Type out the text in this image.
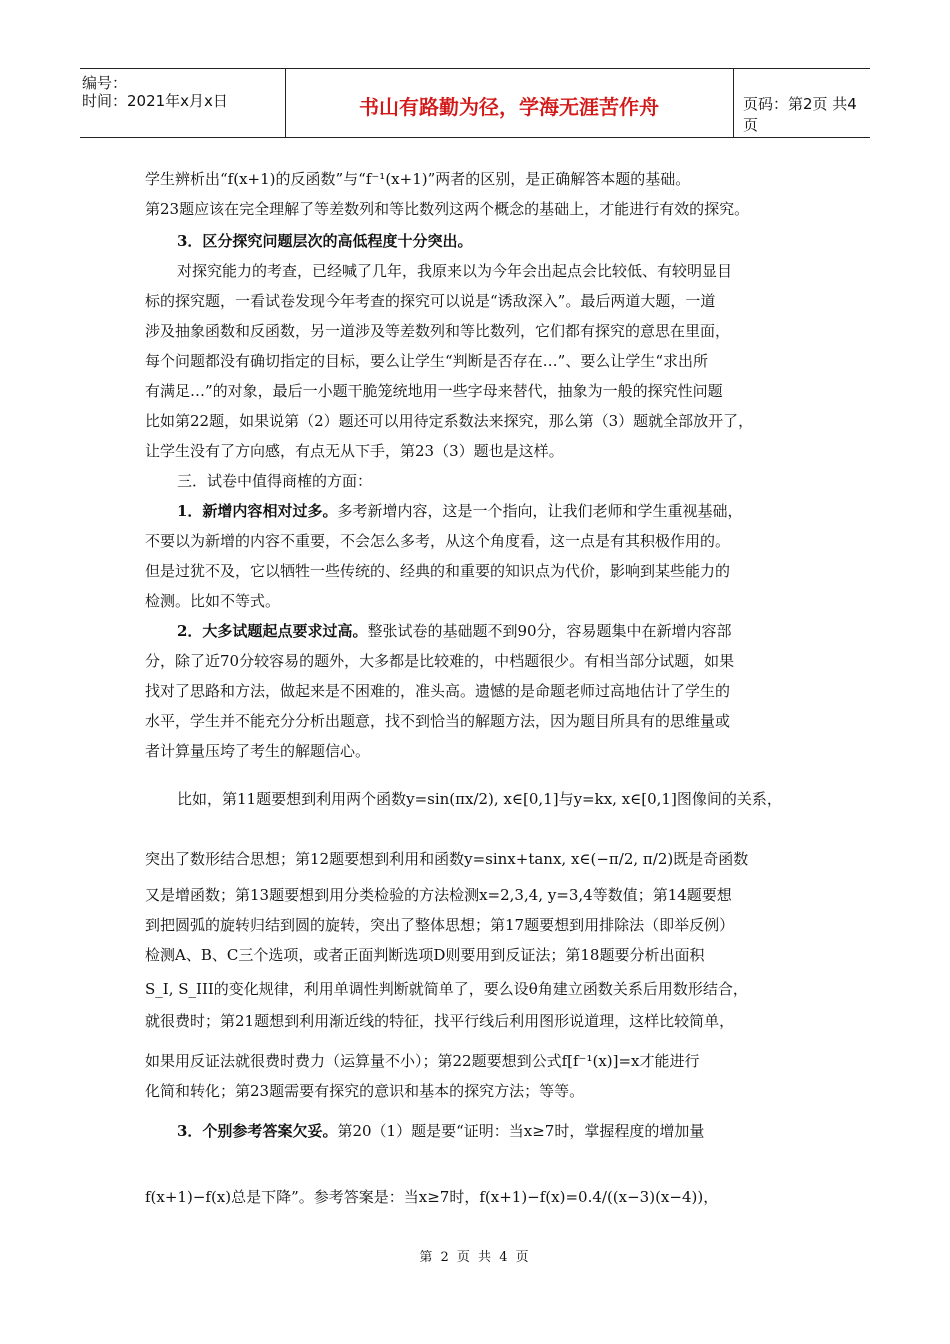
编号：
时间：2021年x月x日	书山有路勤为径，学海无涯苦作舟	页码：第2页 共4页
学生辨析出“f(x+1)的反函数”与“f⁻¹(x+1)”两者的区别，是正确解答本题的基础。
第23题应该在完全理解了等差数列和等比数列这两个概念的基础上，才能进行有效的探究。
3．区分探究问题层次的高低程度十分突出。
对探究能力的考查，已经喊了几年，我原来以为今年会出起点会比较低、有较明显目
标的探究题，一看试卷发现今年考查的探究可以说是“诱敌深入”。最后两道大题，一道
涉及抽象函数和反函数，另一道涉及等差数列和等比数列，它们都有探究的意思在里面，
每个问题都没有确切指定的目标，要么让学生“判断是否存在…”、要么让学生“求出所
有满足…”的对象，最后一小题干脆笼统地用一些字母来替代，抽象为一般的探究性问题
比如第22题，如果说第（2）题还可以用待定系数法来探究，那么第（3）题就全部放开了，
让学生没有了方向感，有点无从下手，第23（3）题也是这样。
三．试卷中值得商榷的方面：
1．新增内容相对过多。多考新增内容，这是一个指向，让我们老师和学生重视基础，
不要以为新增的内容不重要，不会怎么多考，从这个角度看，这一点是有其积极作用的。
但是过犹不及，它以牺牲一些传统的、经典的和重要的知识点为代价，影响到某些能力的
检测。比如不等式。
2．大多试题起点要求过高。整张试卷的基础题不到90分，容易题集中在新增内容部
分，除了近70分较容易的题外，大多都是比较难的，中档题很少。有相当部分试题，如果
找对了思路和方法，做起来是不困难的，准头高。遗憾的是命题老师过高地估计了学生的
水平，学生并不能充分分析出题意，找不到恰当的解题方法，因为题目所具有的思维量或
者计算量压垮了考生的解题信心。
比如，第11题要想到利用两个函数y=sin(πx/2), x∈[0,1]与y=kx, x∈[0,1]图像间的关系，
突出了数形结合思想；第12题要想到利用和函数y=sinx+tanx, x∈(−π/2, π/2)既是奇函数
又是增函数；第13题要想到用分类检验的方法检测x=2,3,4, y=3,4等数值；第14题要想
到把圆弧的旋转归结到圆的旋转，突出了整体思想；第17题要想到用排除法（即举反例）
检测A、B、C三个选项，或者正面判断选项D则要用到反证法；第18题要分析出面积
S_I, S_III的变化规律，利用单调性判断就简单了，要么设θ角建立函数关系后用数形结合，
就很费时；第21题想到利用渐近线的特征，找平行线后利用图形说道理，这样比较简单，
如果用反证法就很费时费力（运算量不小）；第22题要想到公式f[f⁻¹(x)]=x才能进行
化简和转化；第23题需要有探究的意识和基本的探究方法；等等。
3．个别参考答案欠妥。第20（1）题是要“证明：当x≥7时，掌握程度的增加量
f(x+1)−f(x)总是下降”。参考答案是：当x≥7时，f(x+1)−f(x)=0.4/((x−3)(x−4))，
第 2 页 共 4 页
